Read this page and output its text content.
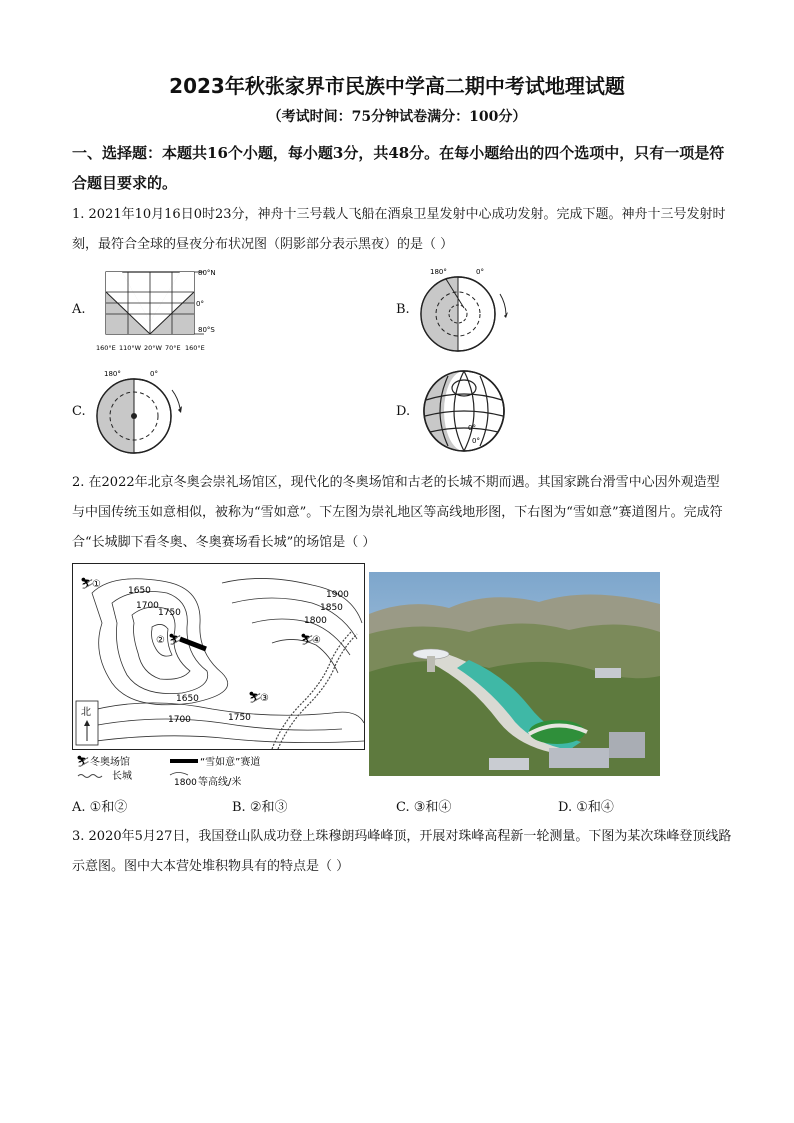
2023年秋张家界市民族中学高二期中考试地理试题
（考试时间：75分钟试卷满分：100分）
一、选择题：本题共16个小题，每小题3分，共48分。在每小题给出的四个选项中，只有一项是符合题目要求的。
1. 2021年10月16日0时23分，神舟十三号载人飞船在酒泉卫星发射中心成功发射。完成下题。神舟十三号发射时刻，最符合全球的昼夜分布状况图（阴影部分表示黑夜）的是（ ）
A.
80°N
0°
80°S
160°E 110°W 20°W 70°E 160°E
B.
180°	0°
C.
180°	0°
D.
0°
0°
2. 在2022年北京冬奥会崇礼场馆区，现代化的冬奥场馆和古老的长城不期而遇。其国家跳台滑雪中心因外观造型与中国传统玉如意相似，被称为“雪如意”。下左图为崇礼地区等高线地形图，下右图为“雪如意”赛道图片。完成符合“长城脚下看冬奥、冬奥赛场看长城”的场馆是（ ）
1650
1700
1750
1900
1850
1800
1650
1700	1750
⛷
①
② ⛷
⛷
③
⛷
④
北
⛷ 冬奥场馆	“雪如意”赛道
长城
1800 等高线/米
A. ①和②	B. ②和③	C. ③和④	D. ①和④
3. 2020年5月27日，我国登山队成功登上珠穆朗玛峰峰顶，开展对珠峰高程新一轮测量。下图为某次珠峰登顶线路示意图。图中大本营处堆积物具有的特点是（ ）
